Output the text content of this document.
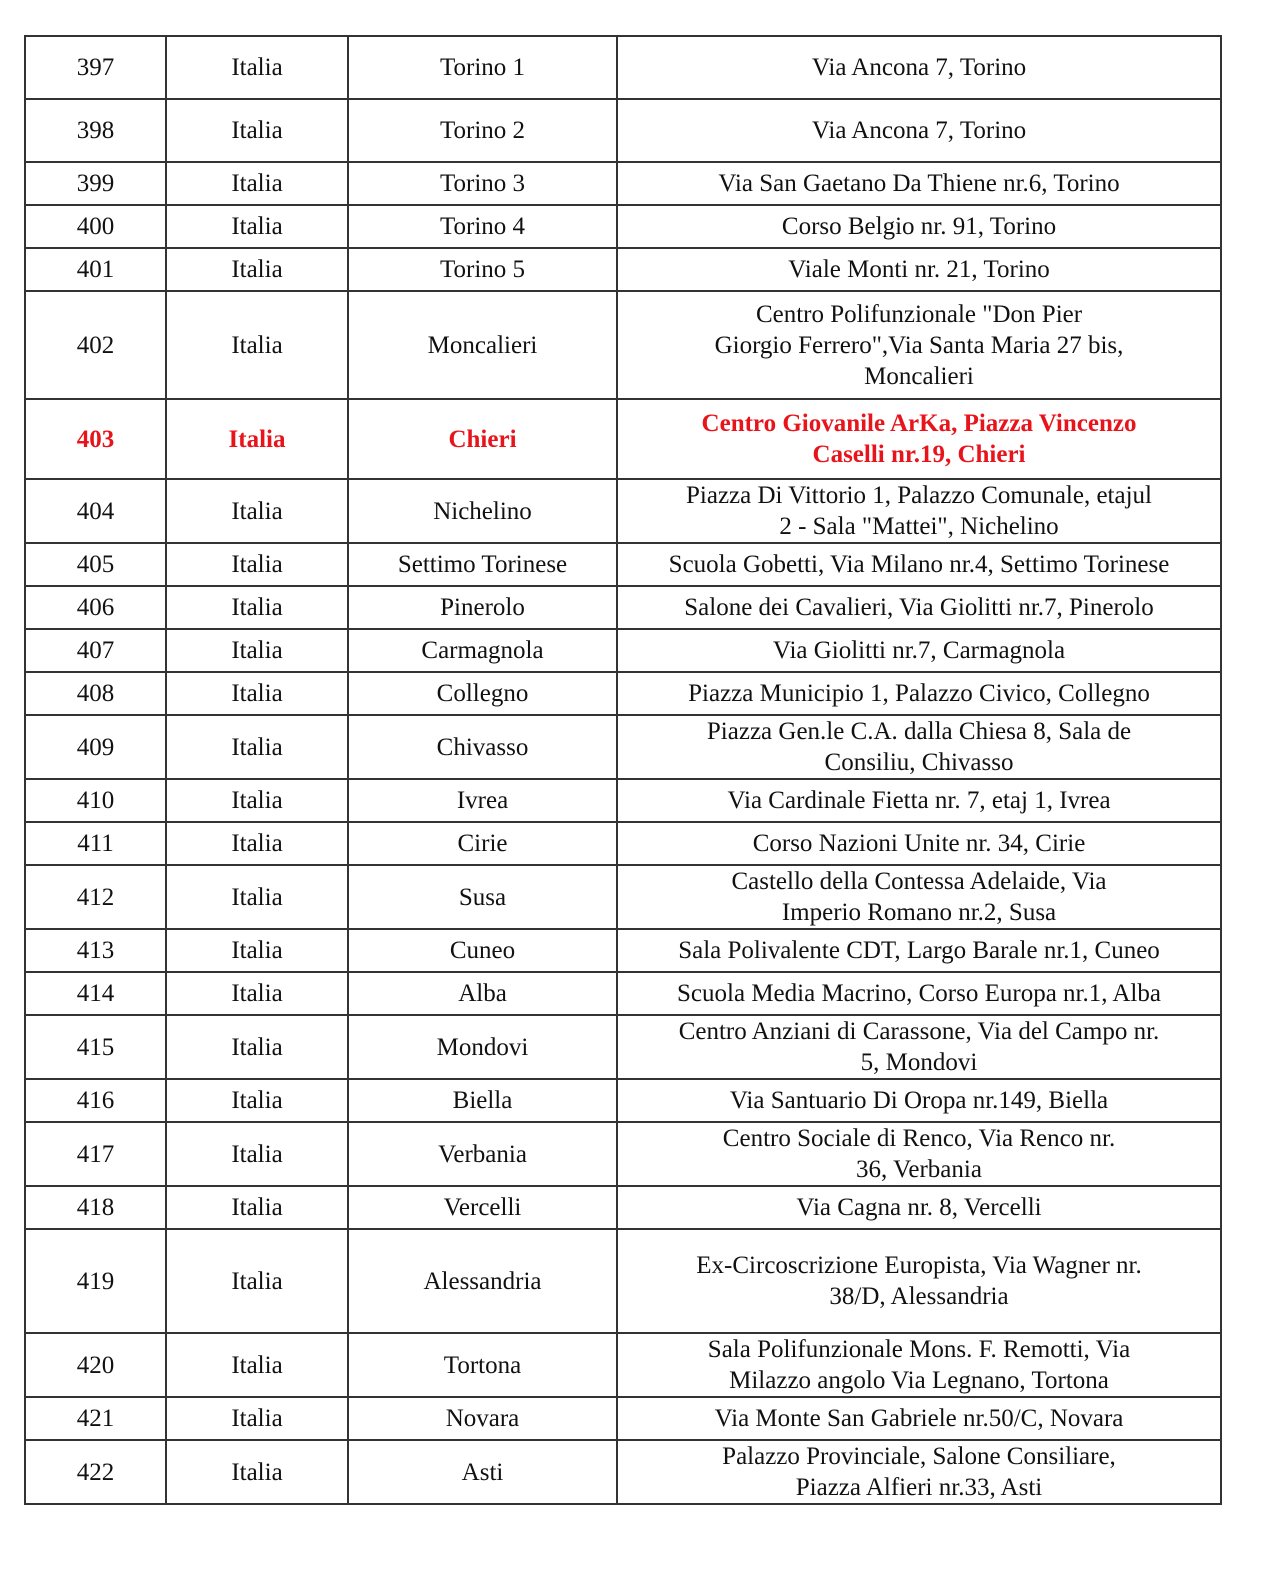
397	Italia	Torino 1	Via Ancona 7, Torino
398	Italia	Torino 2	Via Ancona 7, Torino
399	Italia	Torino 3	Via San Gaetano Da Thiene nr.6, Torino
400	Italia	Torino 4	Corso Belgio nr. 91, Torino
401	Italia	Torino 5	Viale Monti nr. 21, Torino
402	Italia	Moncalieri	Centro Polifunzionale "Don Pier
Giorgio Ferrero",Via Santa Maria 27 bis,
Moncalieri
403	Italia	Chieri	Centro Giovanile ArKa, Piazza Vincenzo
Caselli nr.19, Chieri
404	Italia	Nichelino	Piazza Di Vittorio 1, Palazzo Comunale, etajul
2 - Sala "Mattei", Nichelino
405	Italia	Settimo Torinese	Scuola Gobetti, Via Milano nr.4, Settimo Torinese
406	Italia	Pinerolo	Salone dei Cavalieri, Via Giolitti nr.7, Pinerolo
407	Italia	Carmagnola	Via Giolitti nr.7, Carmagnola
408	Italia	Collegno	Piazza Municipio 1, Palazzo Civico, Collegno
409	Italia	Chivasso	Piazza Gen.le C.A. dalla Chiesa 8, Sala de
Consiliu, Chivasso
410	Italia	Ivrea	Via Cardinale Fietta nr. 7, etaj 1, Ivrea
411	Italia	Cirie	Corso Nazioni Unite nr. 34, Cirie
412	Italia	Susa	Castello della Contessa Adelaide, Via
Imperio Romano nr.2, Susa
413	Italia	Cuneo	Sala Polivalente CDT, Largo Barale nr.1, Cuneo
414	Italia	Alba	Scuola Media Macrino, Corso Europa nr.1, Alba
415	Italia	Mondovi	Centro Anziani di Carassone, Via del Campo nr.
5, Mondovi
416	Italia	Biella	Via Santuario Di Oropa nr.149, Biella
417	Italia	Verbania	Centro Sociale di Renco, Via Renco nr.
36, Verbania
418	Italia	Vercelli	Via Cagna nr. 8, Vercelli
419	Italia	Alessandria	Ex-Circoscrizione Europista, Via Wagner nr.
38/D, Alessandria
420	Italia	Tortona	Sala Polifunzionale Mons. F. Remotti, Via
Milazzo angolo Via Legnano, Tortona
421	Italia	Novara	Via Monte San Gabriele nr.50/C, Novara
422	Italia	Asti	Palazzo Provinciale, Salone Consiliare,
Piazza Alfieri nr.33, Asti
